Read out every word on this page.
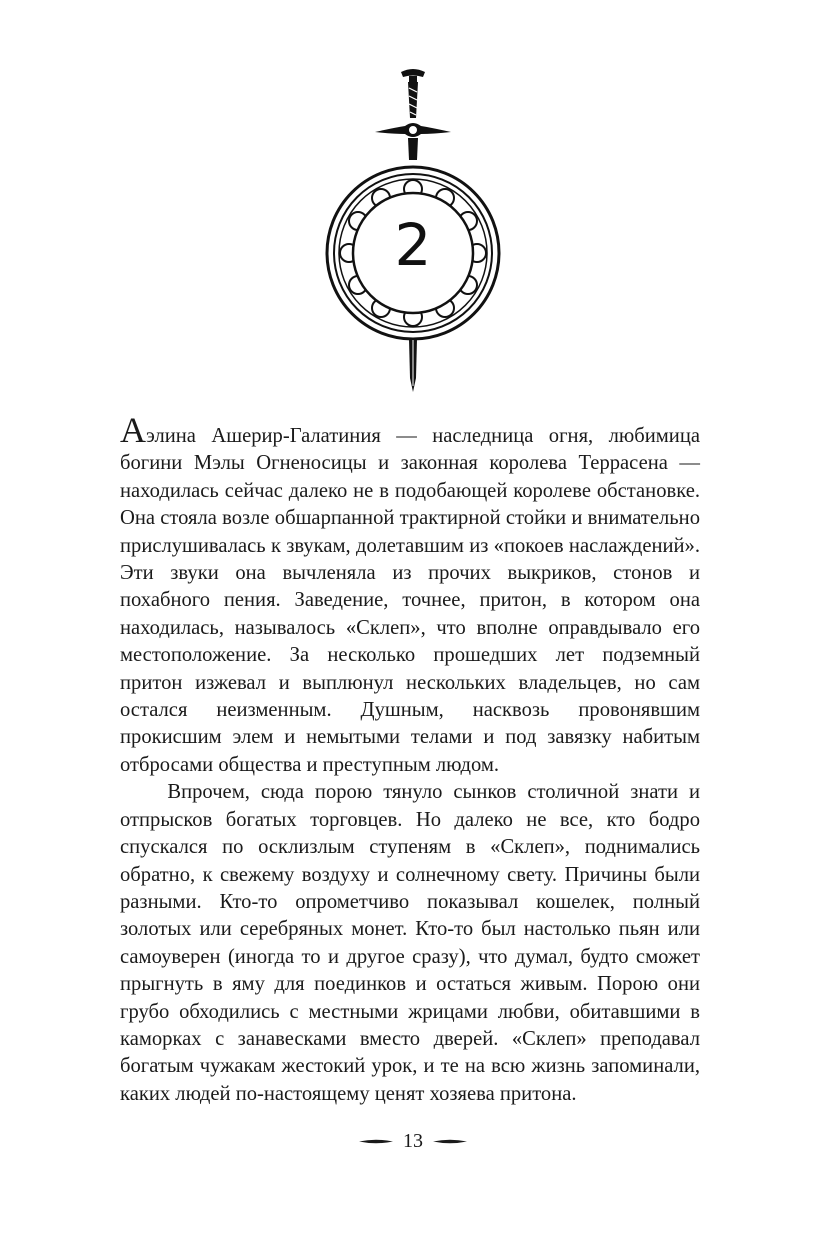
2

Аэлина Ашерир-Галатиния — наследница огня, любимица богини Мэлы Огненосицы и законная королева Террасена — находилась сейчас далеко не в подобающей королеве обстановке. Она стояла возле обшарпанной трактирной стойки и внимательно прислушивалась к звукам, долетавшим из «покоев наслаждений». Эти звуки она вычленяла из прочих выкриков, стонов и похабного пения. Заведение, точнее, притон, в котором она находилась, называлось «Склеп», что вполне оправдывало его местоположение. За несколько прошедших лет подземный притон изжевал и выплюнул нескольких владельцев, но сам остался неизменным. Душным, насквозь провонявшим прокисшим элем и немытыми телами и под завязку набитым отбросами общества и преступным людом.

Впрочем, сюда порою тянуло сынков столичной знати и отпрысков богатых торговцев. Но далеко не все, кто бодро спускался по осклизлым ступеням в «Склеп», поднимались обратно, к свежему воздуху и солнечному свету. Причины были разными. Кто-то опрометчиво показывал кошелек, полный золотых или серебряных монет. Кто-то был настолько пьян или самоуверен (иногда то и другое сразу), что думал, будто сможет прыгнуть в яму для поединков и остаться живым. Порою они грубо обходились с местными жрицами любви, обитавшими в каморках с занавесками вместо дверей. «Склеп» преподавал богатым чужакам жестокий урок, и те на всю жизнь запоминали, каких людей по-настоящему ценят хозяева притона.

13
